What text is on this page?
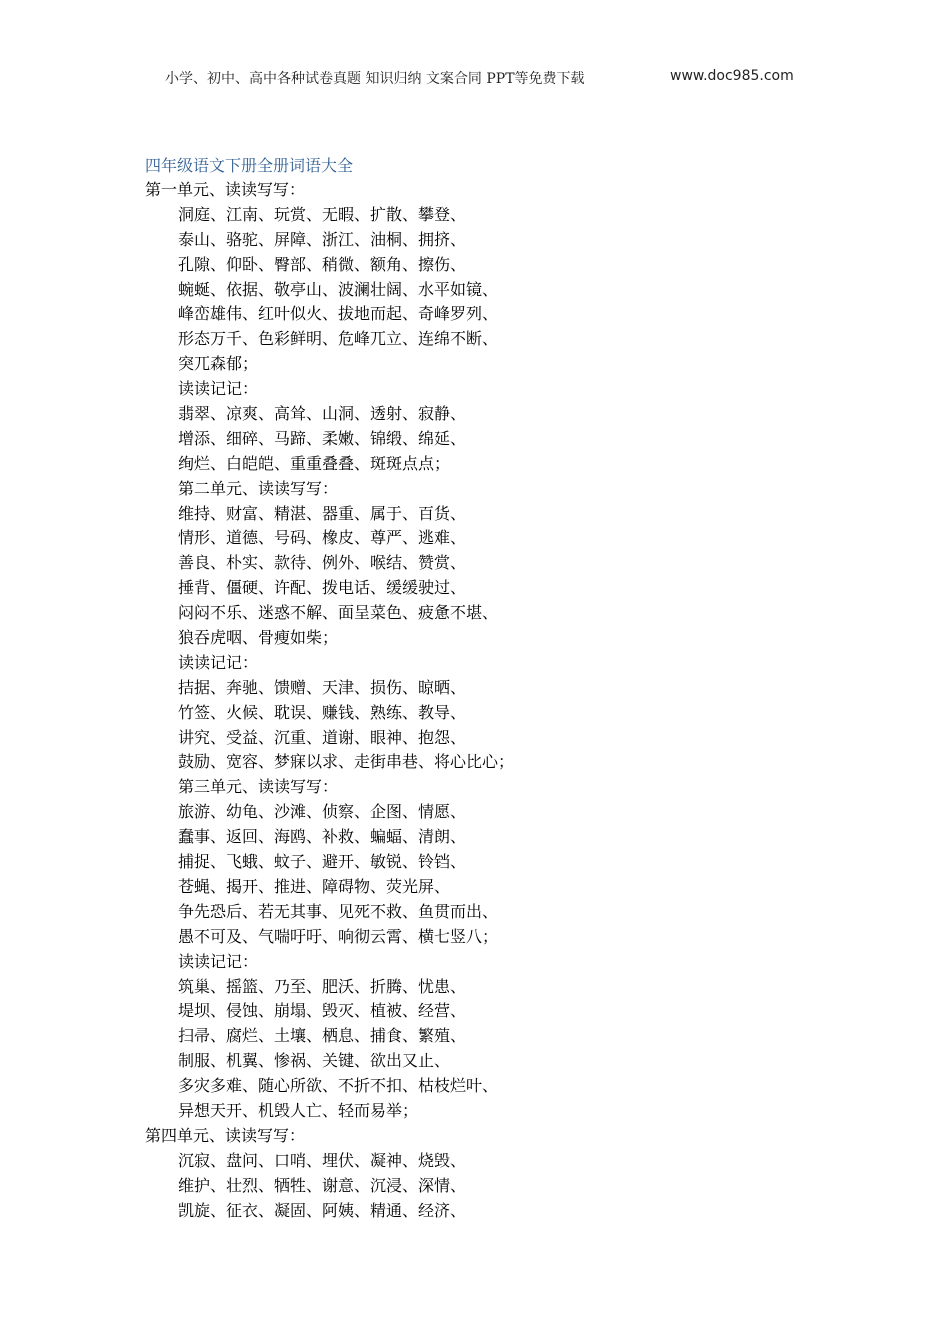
小学、初中、高中各种试卷真题 知识归纳 文案合同 PPT等免费下载	www.doc985.com
四年级语文下册全册词语大全
第一单元、读读写写：
洞庭、江南、玩赏、无暇、扩散、攀登、
泰山、骆驼、屏障、浙江、油桐、拥挤、
孔隙、仰卧、臀部、稍微、额角、擦伤、
蜿蜒、依据、敬亭山、波澜壮阔、水平如镜、
峰峦雄伟、红叶似火、拔地而起、奇峰罗列、
形态万千、色彩鲜明、危峰兀立、连绵不断、
突兀森郁；
读读记记：
翡翠、凉爽、高耸、山洞、透射、寂静、
增添、细碎、马蹄、柔嫩、锦缎、绵延、
绚烂、白皑皑、重重叠叠、斑斑点点；
第二单元、读读写写：
维持、财富、精湛、器重、属于、百货、
情形、道德、号码、橡皮、尊严、逃难、
善良、朴实、款待、例外、喉结、赞赏、
捶背、僵硬、许配、拨电话、缓缓驶过、
闷闷不乐、迷惑不解、面呈菜色、疲惫不堪、
狼吞虎咽、骨瘦如柴；
读读记记：
拮据、奔驰、馈赠、天津、损伤、晾晒、
竹签、火候、耽误、赚钱、熟练、教导、
讲究、受益、沉重、道谢、眼神、抱怨、
鼓励、宽容、梦寐以求、走街串巷、将心比心；
第三单元、读读写写：
旅游、幼龟、沙滩、侦察、企图、情愿、
蠢事、返回、海鸥、补救、蝙蝠、清朗、
捕捉、飞蛾、蚊子、避开、敏锐、铃铛、
苍蝇、揭开、推进、障碍物、荧光屏、
争先恐后、若无其事、见死不救、鱼贯而出、
愚不可及、气喘吁吁、响彻云霄、横七竖八；
读读记记：
筑巢、摇篮、乃至、肥沃、折腾、忧患、
堤坝、侵蚀、崩塌、毁灭、植被、经营、
扫帚、腐烂、土壤、栖息、捕食、繁殖、
制服、机翼、惨祸、关键、欲出又止、
多灾多难、随心所欲、不折不扣、枯枝烂叶、
异想天开、机毁人亡、轻而易举；
第四单元、读读写写：
沉寂、盘问、口哨、埋伏、凝神、烧毁、
维护、壮烈、牺牲、谢意、沉浸、深情、
凯旋、征衣、凝固、阿姨、精通、经济、
